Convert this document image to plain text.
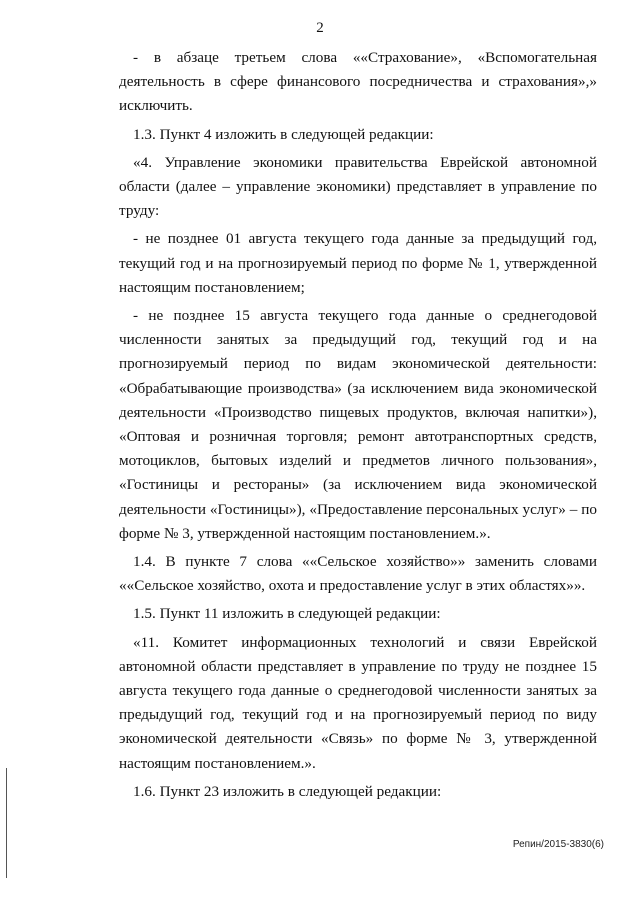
2

- в абзаце третьем слова ««Страхование», «Вспомогательная деятельность в сфере финансового посредничества и страхования»,» исключить.

1.3. Пункт 4 изложить в следующей редакции:

«4. Управление экономики правительства Еврейской автономной области (далее – управление экономики) представляет в управление по труду:

- не позднее 01 августа текущего года данные за предыдущий год, текущий год и на прогнозируемый период по форме № 1, утвержденной настоящим постановлением;

- не позднее 15 августа текущего года данные о среднегодовой численности занятых за предыдущий год, текущий год и на прогнозируемый период по видам экономической деятельности: «Обрабатывающие производства» (за исключением вида экономической деятельности «Производство пищевых продуктов, включая напитки»), «Оптовая и розничная торговля; ремонт автотранспортных средств, мотоциклов, бытовых изделий и предметов личного пользования», «Гостиницы и рестораны» (за исключением вида экономической деятельности «Гостиницы»), «Предоставление персональных услуг» – по форме № 3, утвержденной настоящим постановлением.».

1.4. В пункте 7 слова ««Сельское хозяйство»» заменить словами ««Сельское хозяйство, охота и предоставление услуг в этих областях»».

1.5. Пункт 11 изложить в следующей редакции:

«11. Комитет информационных технологий и связи Еврейской автономной области представляет в управление по труду не позднее 15 августа текущего года данные о среднегодовой численности занятых за предыдущий год, текущий год и на прогнозируемый период по виду экономической деятельности «Связь» по форме № 3, утвержденной настоящим постановлением.».

1.6. Пункт 23 изложить в следующей редакции:

Репин/2015-3830(6)
